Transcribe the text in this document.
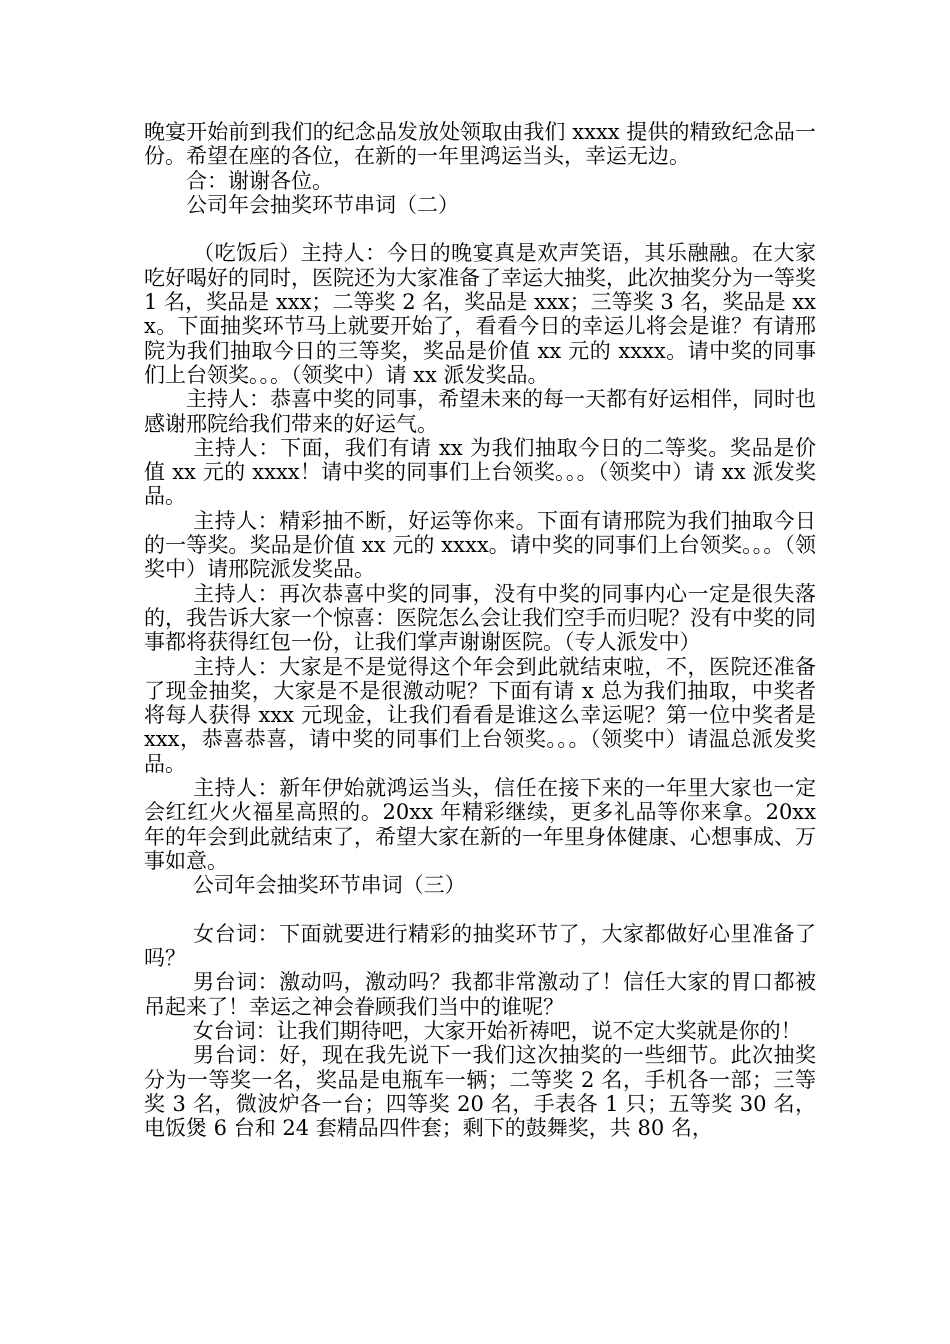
晚宴开始前到我们的纪念品发放处领取由我们 xxxx 提供的精致纪念品一份。希望在座的各位，在新的一年里鸿运当头，幸运无边。

合：谢谢各位。

公司年会抽奖环节串词（二）

（吃饭后）主持人：今日的晚宴真是欢声笑语，其乐融融。在大家吃好喝好的同时，医院还为大家准备了幸运大抽奖，此次抽奖分为一等奖 1 名，奖品是 xxx；二等奖 2 名，奖品是 xxx；三等奖 3 名，奖品是 xxx。下面抽奖环节马上就要开始了，看看今日的幸运儿将会是谁？有请邢院为我们抽取今日的三等奖，奖品是价值 xx 元的 xxxx。请中奖的同事们上台领奖。。。（领奖中）请 xx 派发奖品。

主持人：恭喜中奖的同事，希望未来的每一天都有好运相伴，同时也感谢邢院给我们带来的好运气。

主持人：下面，我们有请 xx 为我们抽取今日的二等奖。奖品是价值 xx 元的 xxxx！请中奖的同事们上台领奖。。。（领奖中）请 xx 派发奖品。

主持人：精彩抽不断，好运等你来。下面有请邢院为我们抽取今日的一等奖。奖品是价值 xx 元的 xxxx。请中奖的同事们上台领奖。。。（领奖中）请邢院派发奖品。

主持人：再次恭喜中奖的同事，没有中奖的同事内心一定是很失落的，我告诉大家一个惊喜：医院怎么会让我们空手而归呢？没有中奖的同事都将获得红包一份，让我们掌声谢谢医院。（专人派发中）

主持人：大家是不是觉得这个年会到此就结束啦，不，医院还准备了现金抽奖，大家是不是很激动呢？下面有请 x 总为我们抽取，中奖者将每人获得 xxx 元现金，让我们看看是谁这么幸运呢？第一位中奖者是 xxx，恭喜恭喜，请中奖的同事们上台领奖。。。（领奖中）请温总派发奖品。

主持人：新年伊始就鸿运当头，信任在接下来的一年里大家也一定会红红火火福星高照的。20xx 年精彩继续，更多礼品等你来拿。20xx 年的年会到此就结束了，希望大家在新的一年里身体健康、心想事成、万事如意。

公司年会抽奖环节串词（三）

女台词：下面就要进行精彩的抽奖环节了，大家都做好心里准备了吗？

男台词：激动吗，激动吗？我都非常激动了！信任大家的胃口都被吊起来了！幸运之神会眷顾我们当中的谁呢？

女台词：让我们期待吧，大家开始祈祷吧，说不定大奖就是你的！

男台词：好，现在我先说下一我们这次抽奖的一些细节。此次抽奖分为一等奖一名，奖品是电瓶车一辆；二等奖 2 名，手机各一部；三等奖 3 名，微波炉各一台；四等奖 20 名，手表各 1 只；五等奖 30 名，电饭煲 6 台和 24 套精品四件套；剩下的鼓舞奖，共 80 名，
